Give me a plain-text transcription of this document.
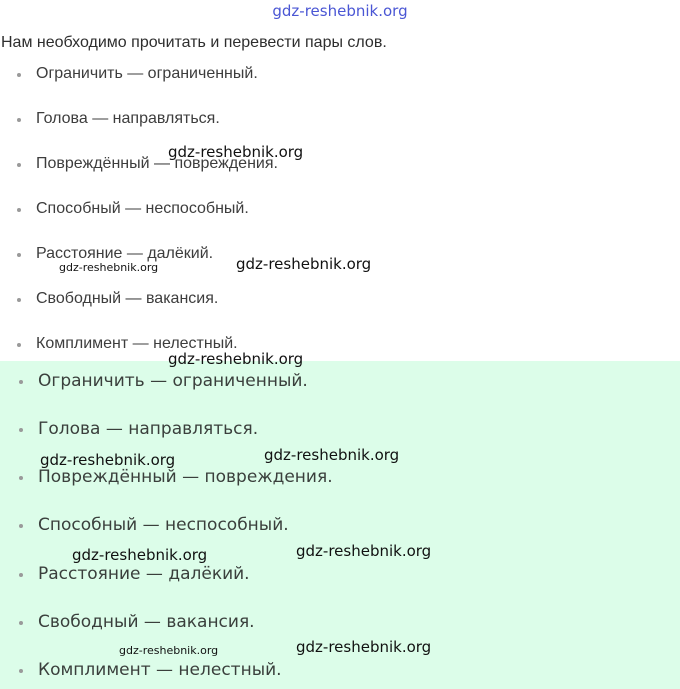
gdz-reshebnik.org
Нам необходимо прочитать и перевести пары слов.
Ограничить — ограниченный.
Голова — направляться.
Повреждённый — повреждения.
Способный — неспособный.
Расстояние — далёкий.
Свободный — вакансия.
Комплимент — нелестный.
Ограничить — ограниченный.
Голова — направляться.
Повреждённый — повреждения.
Способный — неспособный.
Расстояние — далёкий.
Свободный — вакансия.
Комплимент — нелестный.
gdz-reshebnik.org
gdz-reshebnik.org	gdz-reshebnik.org
gdz-reshebnik.org
gdz-reshebnik.org	gdz-reshebnik.org
gdz-reshebnik.org	gdz-reshebnik.org
gdz-reshebnik.org	gdz-reshebnik.org
